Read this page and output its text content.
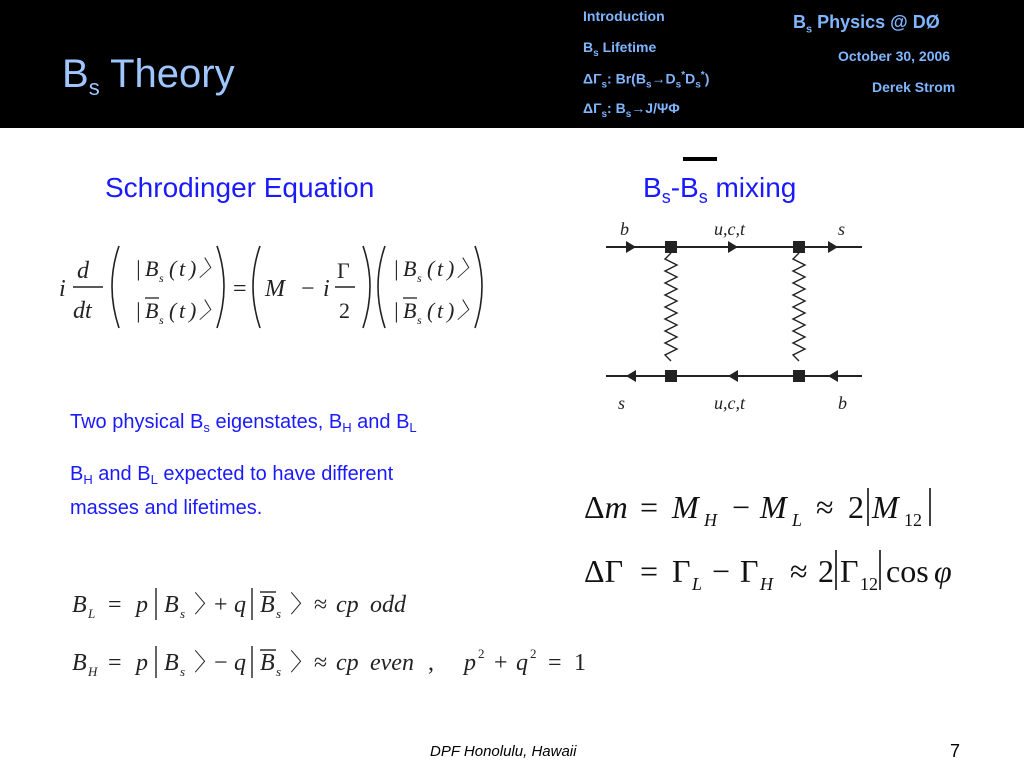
$B_s$ Theory
Introduction
$B_s$ Lifetime
$\Delta\Gamma_s$: $Br(B_s\to D_s^*D_s^*)$
$\Delta\Gamma_s$: $B_s\to J/\Psi\Phi$
$B_s$ Physics @ DØ
October 30, 2006
Derek Strom
Schrodinger Equation	$B_s-B_s$ mixing
i
d
dt
| B s ( t ) 〉
| B s ( t ) 〉
= M − i
Γ
2
| B s ( t ) 〉
| B s ( t ) 〉
b	u,c,t	s
s	u,c,t	b
Two physical $B_s$ eigenstates, $B_H$ and $B_L$
$B_H$ and $B_L$ expected to have different
masses and lifetimes.	Δm = M H − M L ≈ 2 M 12
ΔΓ = Γ L − Γ H ≈ 2 Γ 12 cos φ
B L = p B s 〉
+ q B s 〉 ≈ cp odd
B H = p B s 〉
− q B s 〉 ≈ cp even , p 2 + q 2 = 1
DPF Honolulu, Hawaii	7
